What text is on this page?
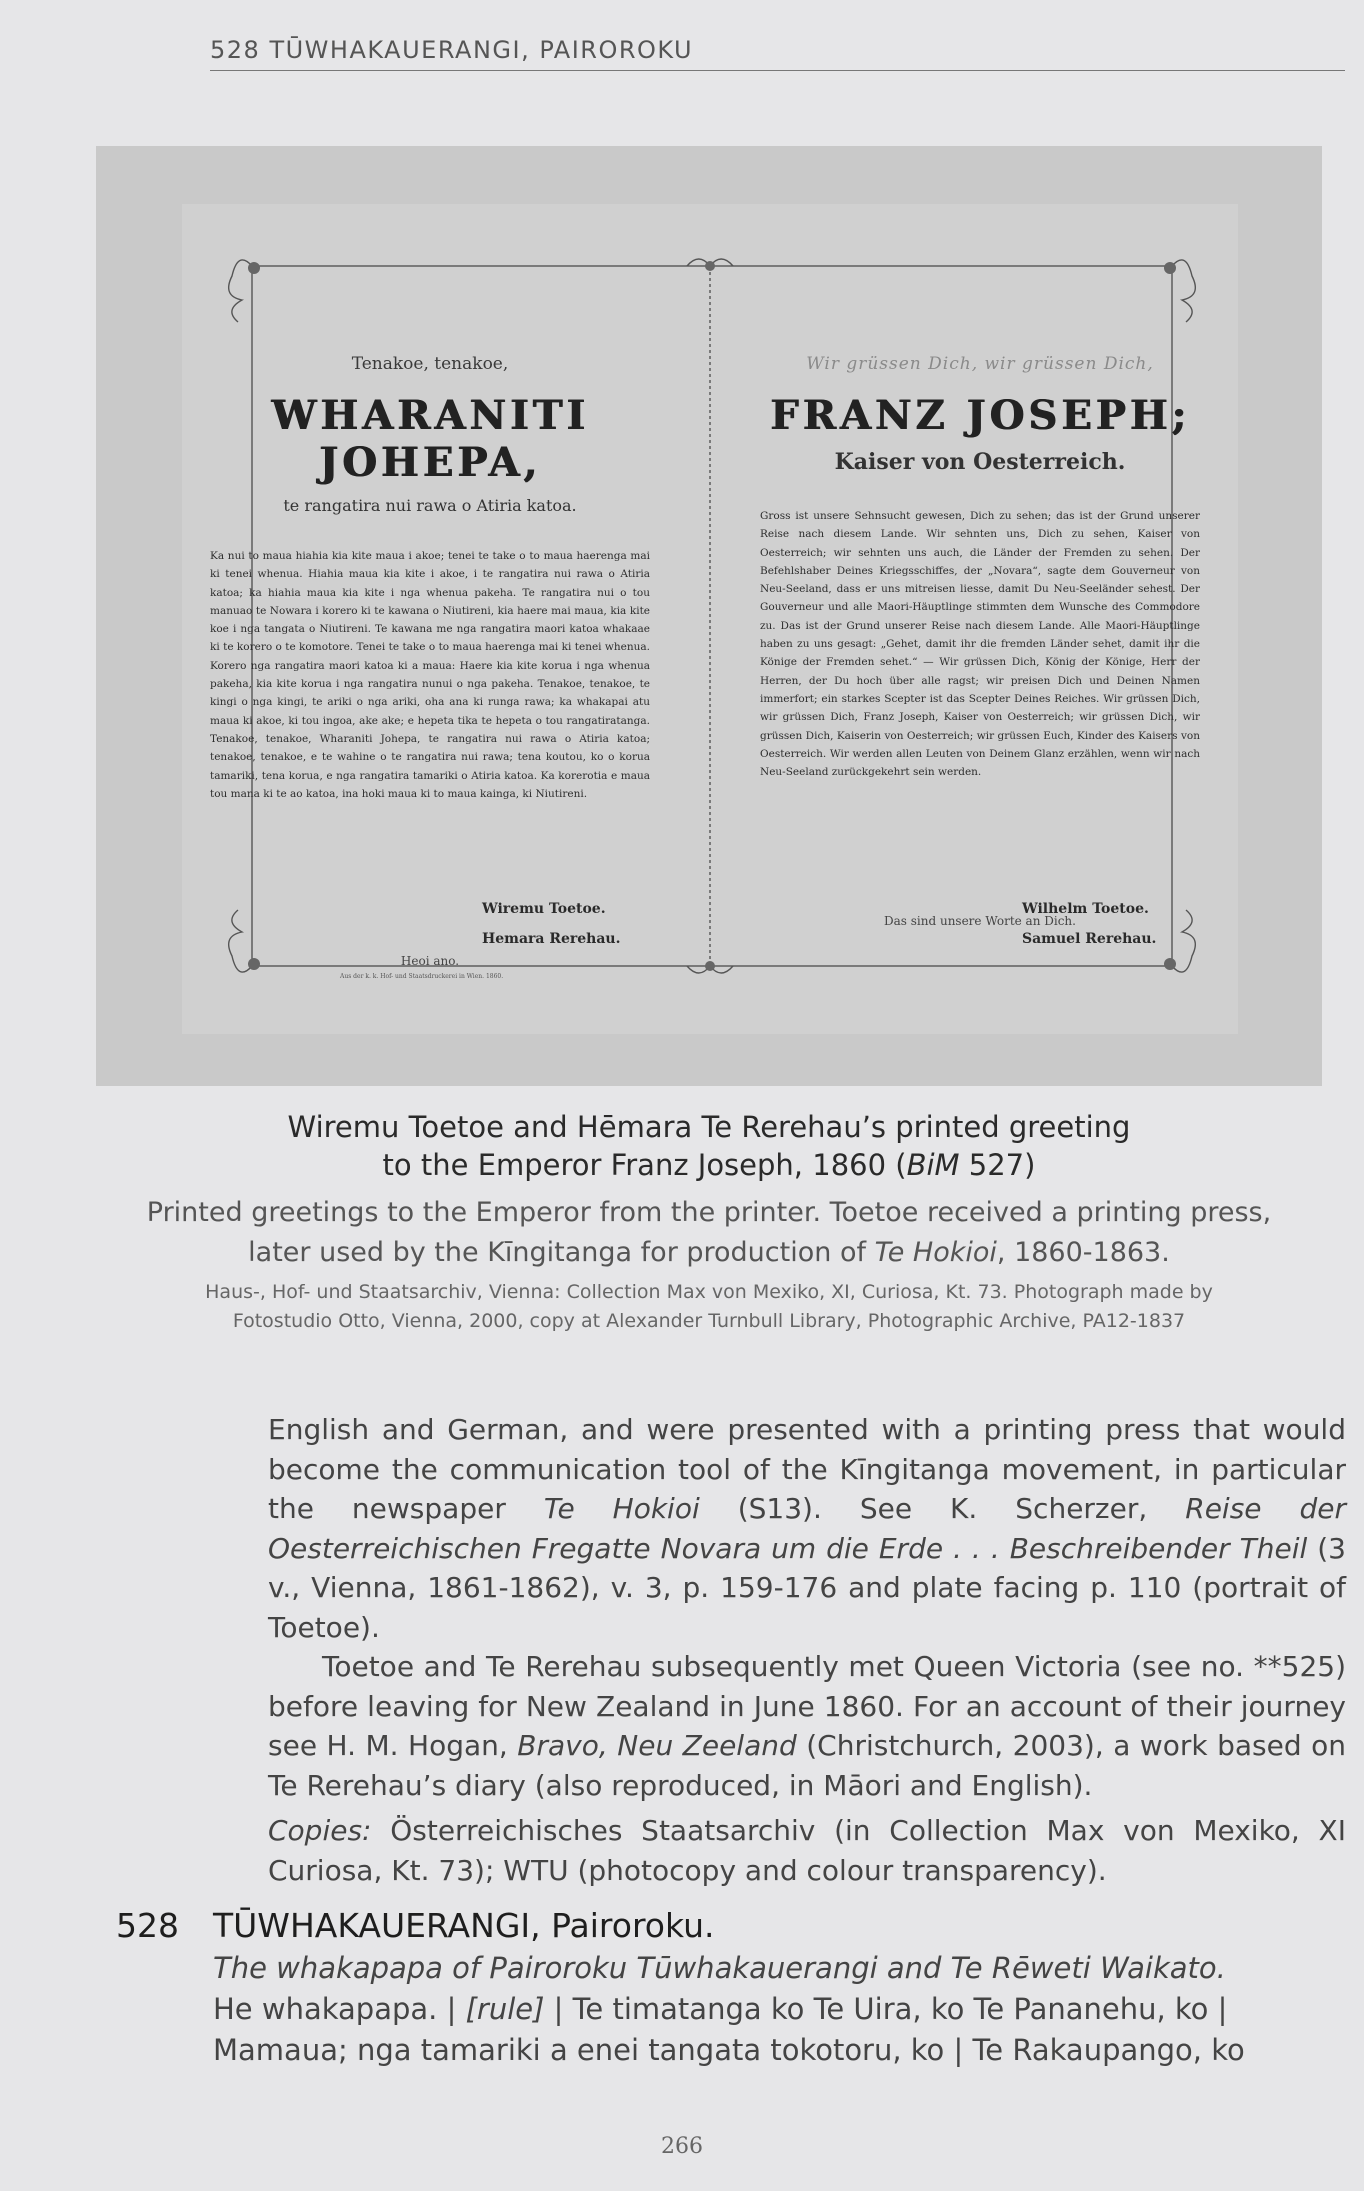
528 TŪWHAKAUERANGI, PAIROROKU
Tenakoe, tenakoe,
WHARANITI JOHEPA,
te rangatira nui rawa o Atiria katoa.
Ka nui to maua hiahia kia kite maua i akoe; tenei te take o to maua haerenga mai ki tenei whenua. Hiahia maua kia kite i akoe, i te rangatira nui rawa o Atiria katoa; ka hiahia maua kia kite i nga whenua pakeha. Te rangatira nui o tou manuao te Nowara i korero ki te kawana o Niutireni, kia haere mai maua, kia kite koe i nga tangata o Niutireni. Te kawana me nga rangatira maori katoa whakaae ki te korero o te komotore. Tenei te take o to maua haerenga mai ki tenei whenua. Korero nga rangatira maori katoa ki a maua: Haere kia kite korua i nga whenua pakeha, kia kite korua i nga rangatira nunui o nga pakeha. Tenakoe, tenakoe, te kingi o nga kingi, te ariki o nga ariki, oha ana ki runga rawa; ka whakapai atu maua ki akoe, ki tou ingoa, ake ake; e hepeta tika te hepeta o tou rangatiratanga. Tenakoe, tenakoe, Wharaniti Johepa, te rangatira nui rawa o Atiria katoa; tenakoe, tenakoe, e te wahine o te rangatira nui rawa; tena koutou, ko o korua tamariki, tena korua, e nga rangatira tamariki o Atiria katoa. Ka korerotia e maua tou mana ki te ao katoa, ina hoki maua ki to maua kainga, ki Niutireni.
Heoi ano.
Wiremu Toetoe.
Hemara Rerehau.
Wir grüssen Dich, wir grüssen Dich,
FRANZ JOSEPH;
Kaiser von Oesterreich.
Gross ist unsere Sehnsucht gewesen, Dich zu sehen; das ist der Grund unserer Reise nach diesem Lande. Wir sehnten uns, Dich zu sehen, Kaiser von Oesterreich; wir sehnten uns auch, die Länder der Fremden zu sehen. Der Befehlshaber Deines Kriegsschiffes, der „Novara“, sagte dem Gouverneur von Neu-Seeland, dass er uns mitreisen liesse, damit Du Neu-Seeländer sehest. Der Gouverneur und alle Maori-Häuptlinge stimmten dem Wunsche des Commodore zu. Das ist der Grund unserer Reise nach diesem Lande. Alle Maori-Häuptlinge haben zu uns gesagt: „Gehet, damit ihr die fremden Länder sehet, damit ihr die Könige der Fremden sehet.“ — Wir grüssen Dich, König der Könige, Herr der Herren, der Du hoch über alle ragst; wir preisen Dich und Deinen Namen immerfort; ein starkes Scepter ist das Scepter Deines Reiches. Wir grüssen Dich, wir grüssen Dich, Franz Joseph, Kaiser von Oesterreich; wir grüssen Dich, wir grüssen Dich, Kaiserin von Oesterreich; wir grüssen Euch, Kinder des Kaisers von Oesterreich. Wir werden allen Leuten von Deinem Glanz erzählen, wenn wir nach Neu-Seeland zurückgekehrt sein werden.
Das sind unsere Worte an Dich.
Wilhelm Toetoe.
Samuel Rerehau.
Aus der k. k. Hof- und Staatsdruckerei in Wien. 1860.
Wiremu Toetoe and Hēmara Te Rerehau’s printed greeting
to the Emperor Franz Joseph, 1860 (BiM 527)
Printed greetings to the Emperor from the printer. Toetoe received a printing press,
later used by the Kīngitanga for production of Te Hokioi, 1860-1863.
Haus-, Hof- und Staatsarchiv, Vienna: Collection Max von Mexiko, XI, Curiosa, Kt. 73. Photograph made by
Fotostudio Otto, Vienna, 2000, copy at Alexander Turnbull Library, Photographic Archive, PA12-1837

English and German, and were presented with a printing press that would become the communication tool of the Kīngitanga movement, in particular the newspaper Te Hokioi (S13). See K. Scherzer, Reise der Oesterreichischen Fregatte Novara um die Erde . . . Beschreibender Theil (3 v., Vienna, 1861-1862), v. 3, p. 159-176 and plate facing p. 110 (portrait of Toetoe).

Toetoe and Te Rerehau subsequently met Queen Victoria (see no. **525) before leaving for New Zealand in June 1860. For an account of their journey see H. M. Hogan, Bravo, Neu Zeeland (Christchurch, 2003), a work based on Te Rerehau’s diary (also reproduced, in Māori and English).

Copies: Österreichisches Staatsarchiv (in Collection Max von Mexiko, XI Curiosa, Kt. 73); WTU (photocopy and colour transparency).

528 TŪWHAKAUERANGI, Pairoroku.
The whakapapa of Pairoroku Tūwhakauerangi and Te Rēweti Waikato.
He whakapapa. | [rule] | Te timatanga ko Te Uira, ko Te Pananehu, ko | Mamaua; nga tamariki a enei tangata tokotoru, ko | Te Rakaupango, ko
266
